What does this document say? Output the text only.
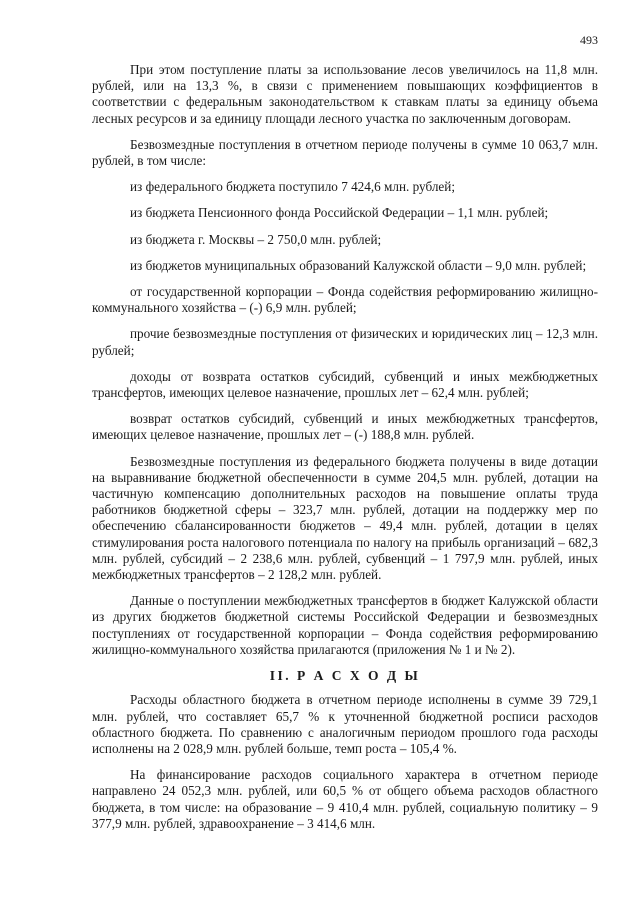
493

При этом поступление платы за использование лесов увеличилось на 11,8 млн. рублей, или на 13,3 %, в связи с применением повышающих коэффициентов в соответствии с федеральным законодательством к ставкам платы за единицу объема лесных ресурсов и за единицу площади лесного участка по заключенным договорам.

Безвозмездные поступления в отчетном периоде получены в сумме 10 063,7 млн. рублей, в том числе:

из федерального бюджета поступило 7 424,6 млн. рублей;

из бюджета Пенсионного фонда Российской Федерации – 1,1 млн. рублей;

из бюджета г. Москвы – 2 750,0 млн. рублей;

из бюджетов муниципальных образований Калужской области – 9,0 млн. рублей;

от государственной корпорации – Фонда содействия реформированию жилищно-коммунального хозяйства – (-) 6,9 млн. рублей;

прочие безвозмездные поступления от физических и юридических лиц – 12,3 млн. рублей;

доходы от возврата остатков субсидий, субвенций и иных межбюджетных трансфертов, имеющих целевое назначение, прошлых лет – 62,4 млн. рублей;

возврат остатков субсидий, субвенций и иных межбюджетных трансфертов, имеющих целевое назначение, прошлых лет – (-) 188,8 млн. рублей.

Безвозмездные поступления из федерального бюджета получены в виде дотации на выравнивание бюджетной обеспеченности в сумме 204,5 млн. рублей, дотации на частичную компенсацию дополнительных расходов на повышение оплаты труда работников бюджетной сферы – 323,7 млн. рублей, дотации на поддержку мер по обеспечению сбалансированности бюджетов – 49,4 млн. рублей, дотации в целях стимулирования роста налогового потенциала по налогу на прибыль организаций – 682,3 млн. рублей, субсидий – 2 238,6 млн. рублей, субвенций – 1 797,9 млн. рублей, иных межбюджетных трансфертов – 2 128,2 млн. рублей.

Данные о поступлении межбюджетных трансфертов в бюджет Калужской области из других бюджетов бюджетной системы Российской Федерации и безвозмездных поступлениях от государственной корпорации – Фонда содействия реформированию жилищно-коммунального хозяйства прилагаются (приложения № 1 и № 2).

II. Р А С Х О Д Ы

Расходы областного бюджета в отчетном периоде исполнены в сумме 39 729,1 млн. рублей, что составляет 65,7 % к уточненной бюджетной росписи расходов областного бюджета. По сравнению с аналогичным периодом прошлого года расходы исполнены на 2 028,9 млн. рублей больше, темп роста – 105,4 %.

На финансирование расходов социального характера в отчетном периоде направлено 24 052,3 млн. рублей, или 60,5 % от общего объема расходов областного бюджета, в том числе: на образование – 9 410,4 млн. рублей, социальную политику – 9 377,9 млн. рублей, здравоохранение – 3 414,6 млн.
